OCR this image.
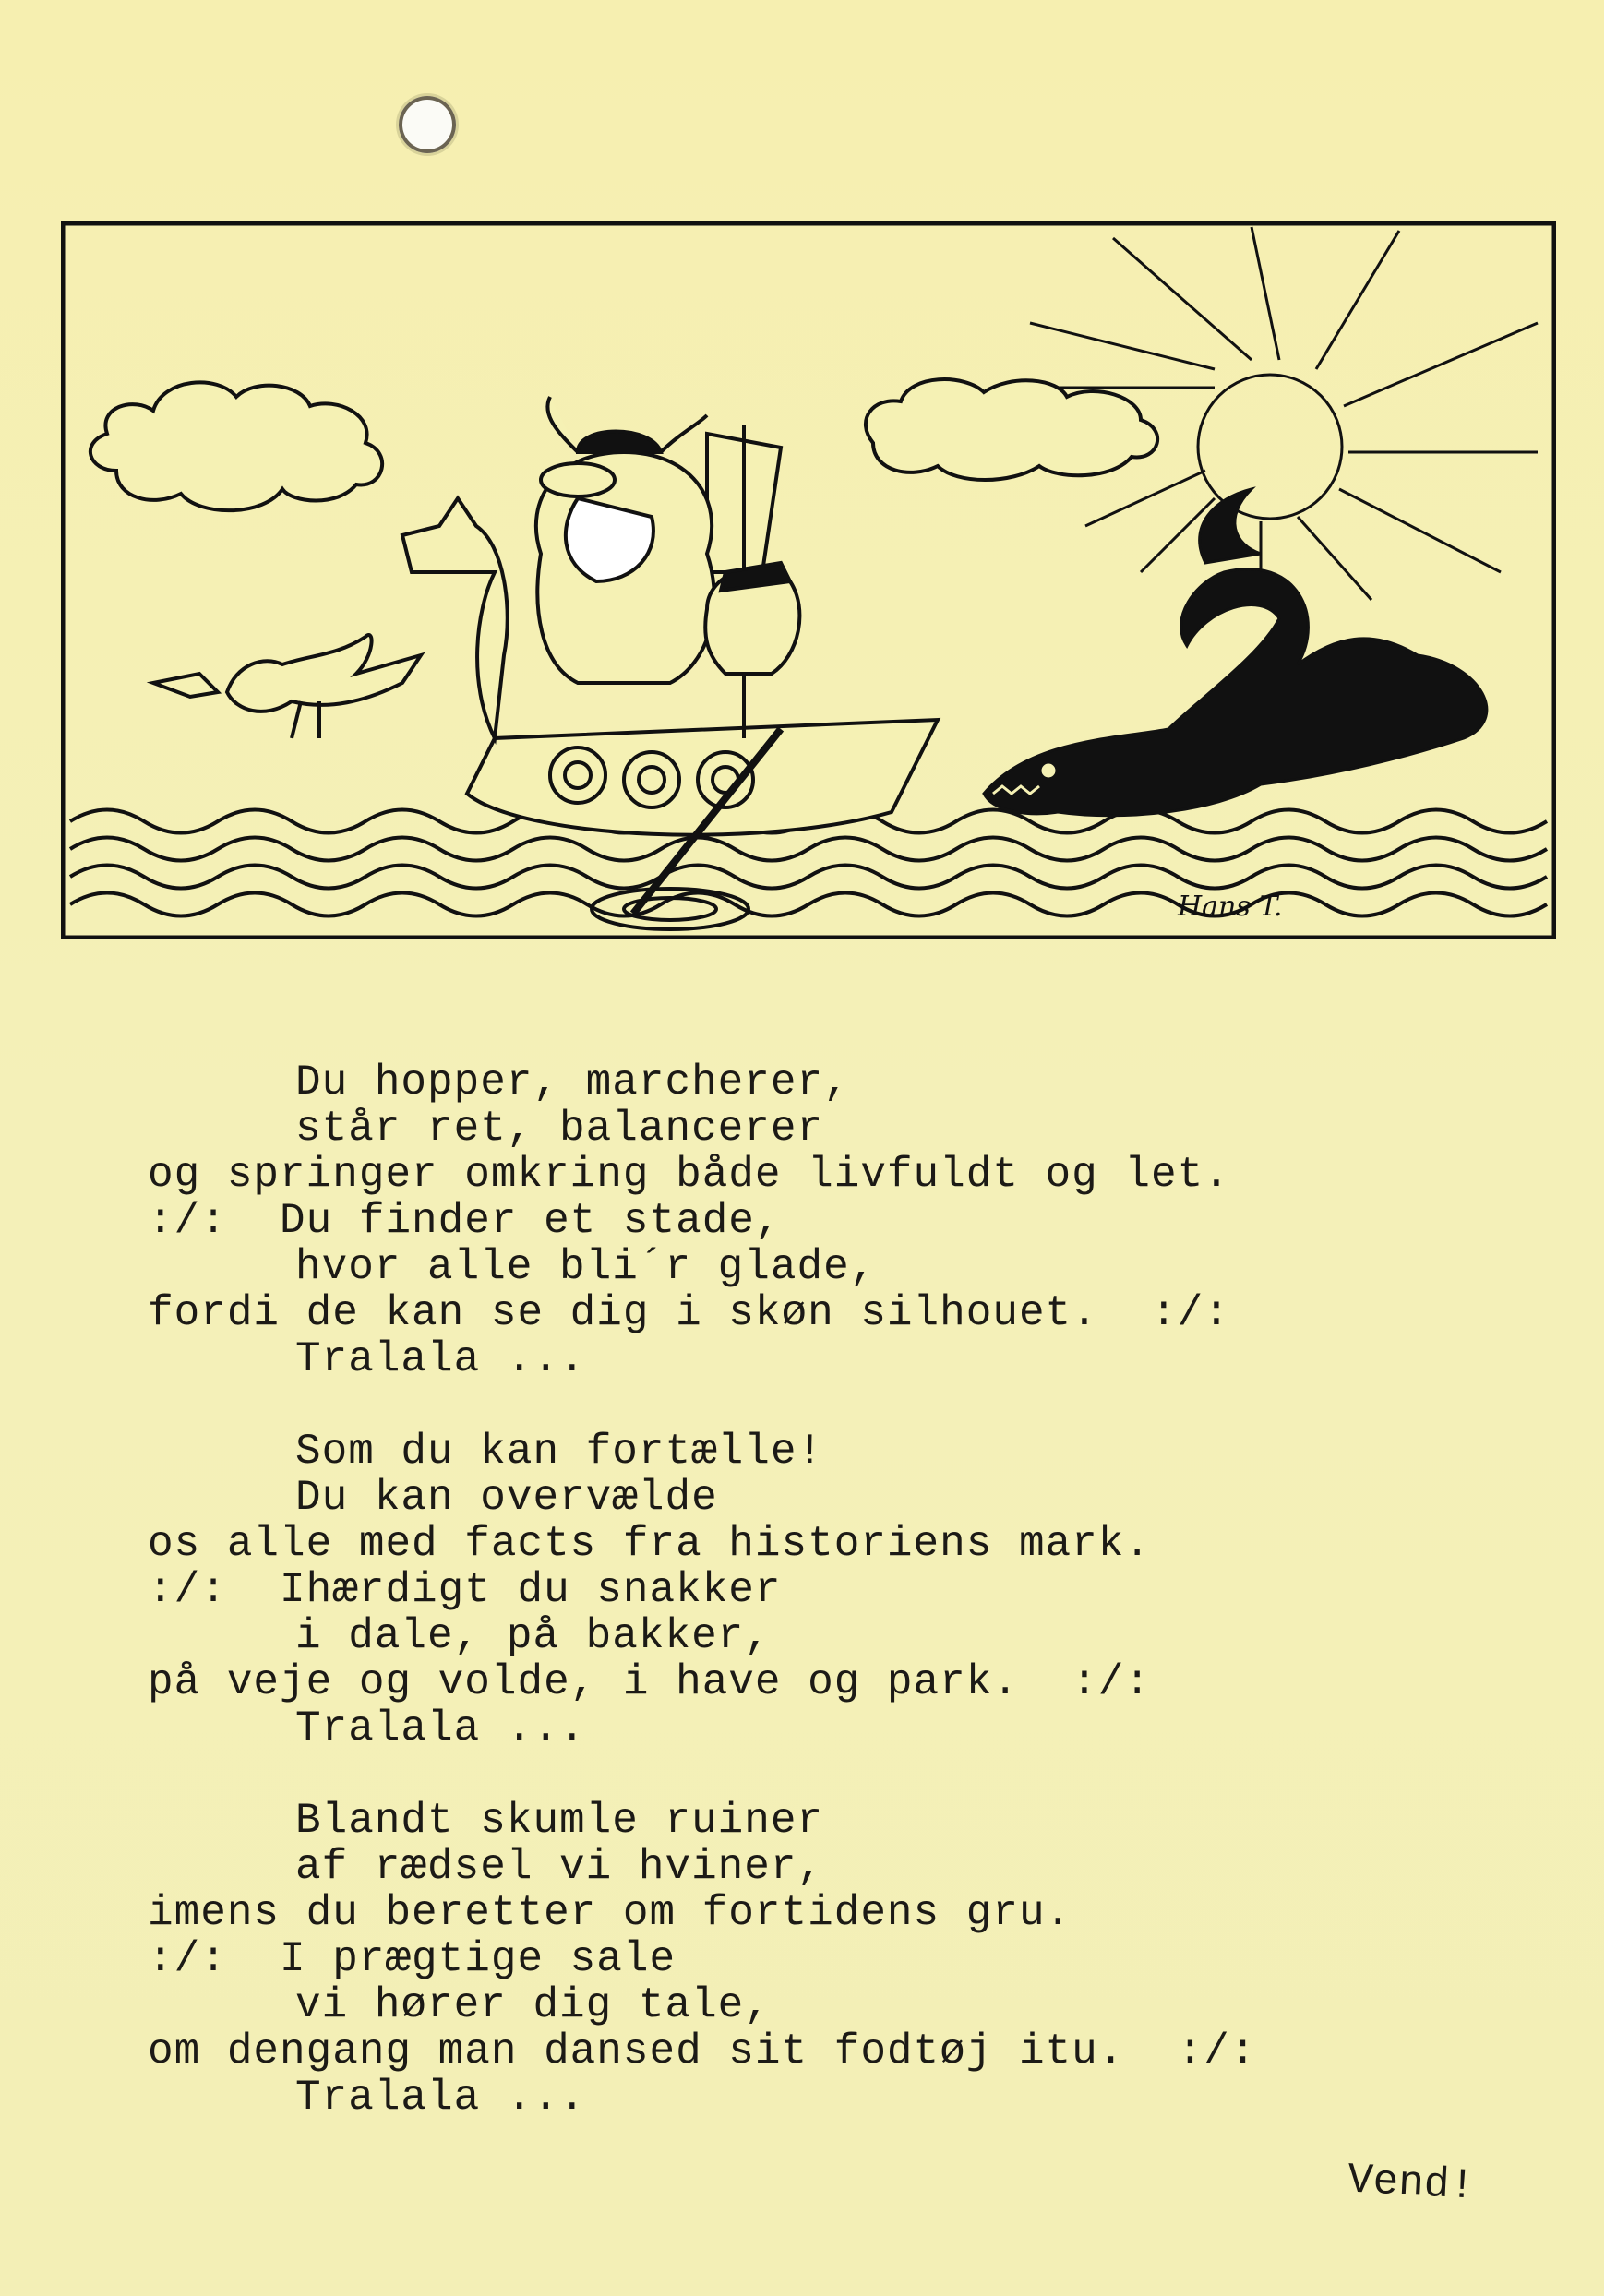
Hans T.
Du hopper, marcherer,
står ret, balancerer
og springer omkring både livfuldt og let.
:/:  Du finder et stade,
hvor alle bli´r glade,
fordi de kan se dig i skøn silhouet.  :/:
Tralala ...
Som du kan fortælle!
Du kan overvælde
os alle med facts fra historiens mark.
:/:  Ihærdigt du snakker
i dale, på bakker,
på veje og volde, i have og park.  :/:
Tralala ...
Blandt skumle ruiner
af rædsel vi hviner,
imens du beretter om fortidens gru.
:/:  I prægtige sale
vi hører dig tale,
om dengang man dansed sit fodtøj itu.  :/:
Tralala ...
Vend!
